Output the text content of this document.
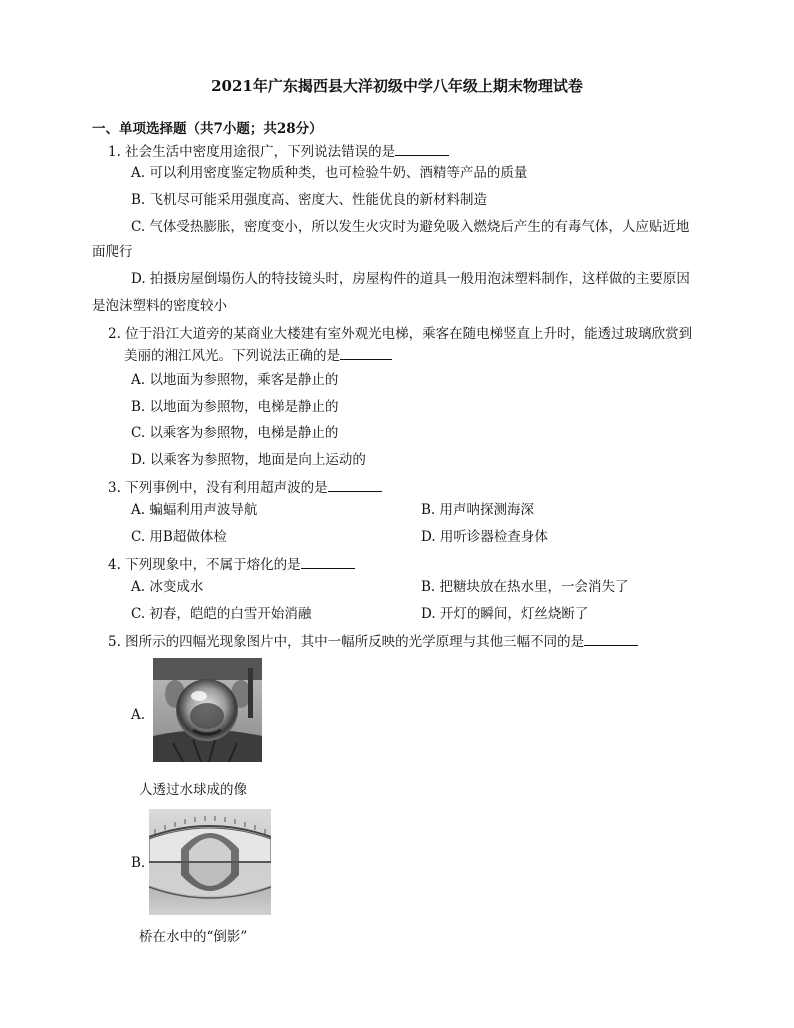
2021年广东揭西县大洋初级中学八年级上期末物理试卷
一、单项选择题（共7小题；共28分）
1. 社会生活中密度用途很广，下列说法错误的是
A. 可以利用密度鉴定物质种类，也可检验牛奶、酒精等产品的质量
B. 飞机尽可能采用强度高、密度大、性能优良的新材料制造
C. 气体受热膨胀，密度变小，所以发生火灾时为避免吸入燃烧后产生的有毒气体，人应贴近地
面爬行
D. 拍摄房屋倒塌伤人的特技镜头时，房屋构件的道具一般用泡沫塑料制作，这样做的主要原因
是泡沫塑料的密度较小
2. 位于沿江大道旁的某商业大楼建有室外观光电梯，乘客在随电梯竖直上升时，能透过玻璃欣赏到
美丽的湘江风光。下列说法正确的是
A. 以地面为参照物，乘客是静止的
B. 以地面为参照物，电梯是静止的
C. 以乘客为参照物，电梯是静止的
D. 以乘客为参照物，地面是向上运动的
3. 下列事例中，没有利用超声波的是
A. 蝙蝠利用声波导航	B. 用声呐探测海深
C. 用B超做体检	D. 用听诊器检查身体
4. 下列现象中，不属于熔化的是
A. 冰变成水	B. 把糖块放在热水里，一会消失了
C. 初春，皑皑的白雪开始消融	D. 开灯的瞬间，灯丝烧断了
5. 图所示的四幅光现象图片中，其中一幅所反映的光学原理与其他三幅不同的是
A.
人透过水球成的像
B.
桥在水中的“倒影”
